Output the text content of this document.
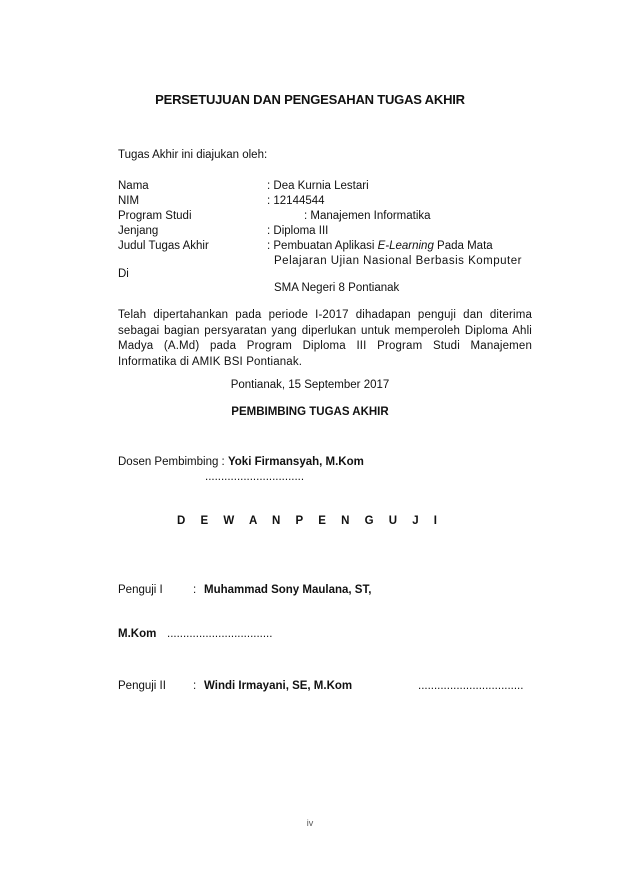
PERSETUJUAN DAN PENGESAHAN TUGAS AKHIR
Tugas Akhir ini diajukan oleh:
Nama	: Dea Kurnia Lestari
NIM	: 12144544
Program Studi	: Manajemen Informatika
Jenjang	: Diploma III
Judul Tugas Akhir	: Pembuatan Aplikasi E-Learning Pada Mata
Pelajaran Ujian Nasional Berbasis Komputer
Di
SMA Negeri 8 Pontianak
Telah dipertahankan pada periode I-2017 dihadapan penguji dan diterima sebagai bagian persyaratan yang diperlukan untuk memperoleh Diploma Ahli Madya (A.Md) pada Program Diploma III Program Studi Manajemen Informatika di AMIK BSI Pontianak.
Pontianak, 15 September 2017
PEMBIMBING TUGAS AKHIR
Dosen Pembimbing : Yoki Firmansyah, M.Kom
...............................
D E W A N P E N G U J I
Penguji I	: Muhammad Sony Maulana, ST,
M.Kom .................................
Penguji II : Windi Irmayani, SE, M.Kom	.................................
iv
